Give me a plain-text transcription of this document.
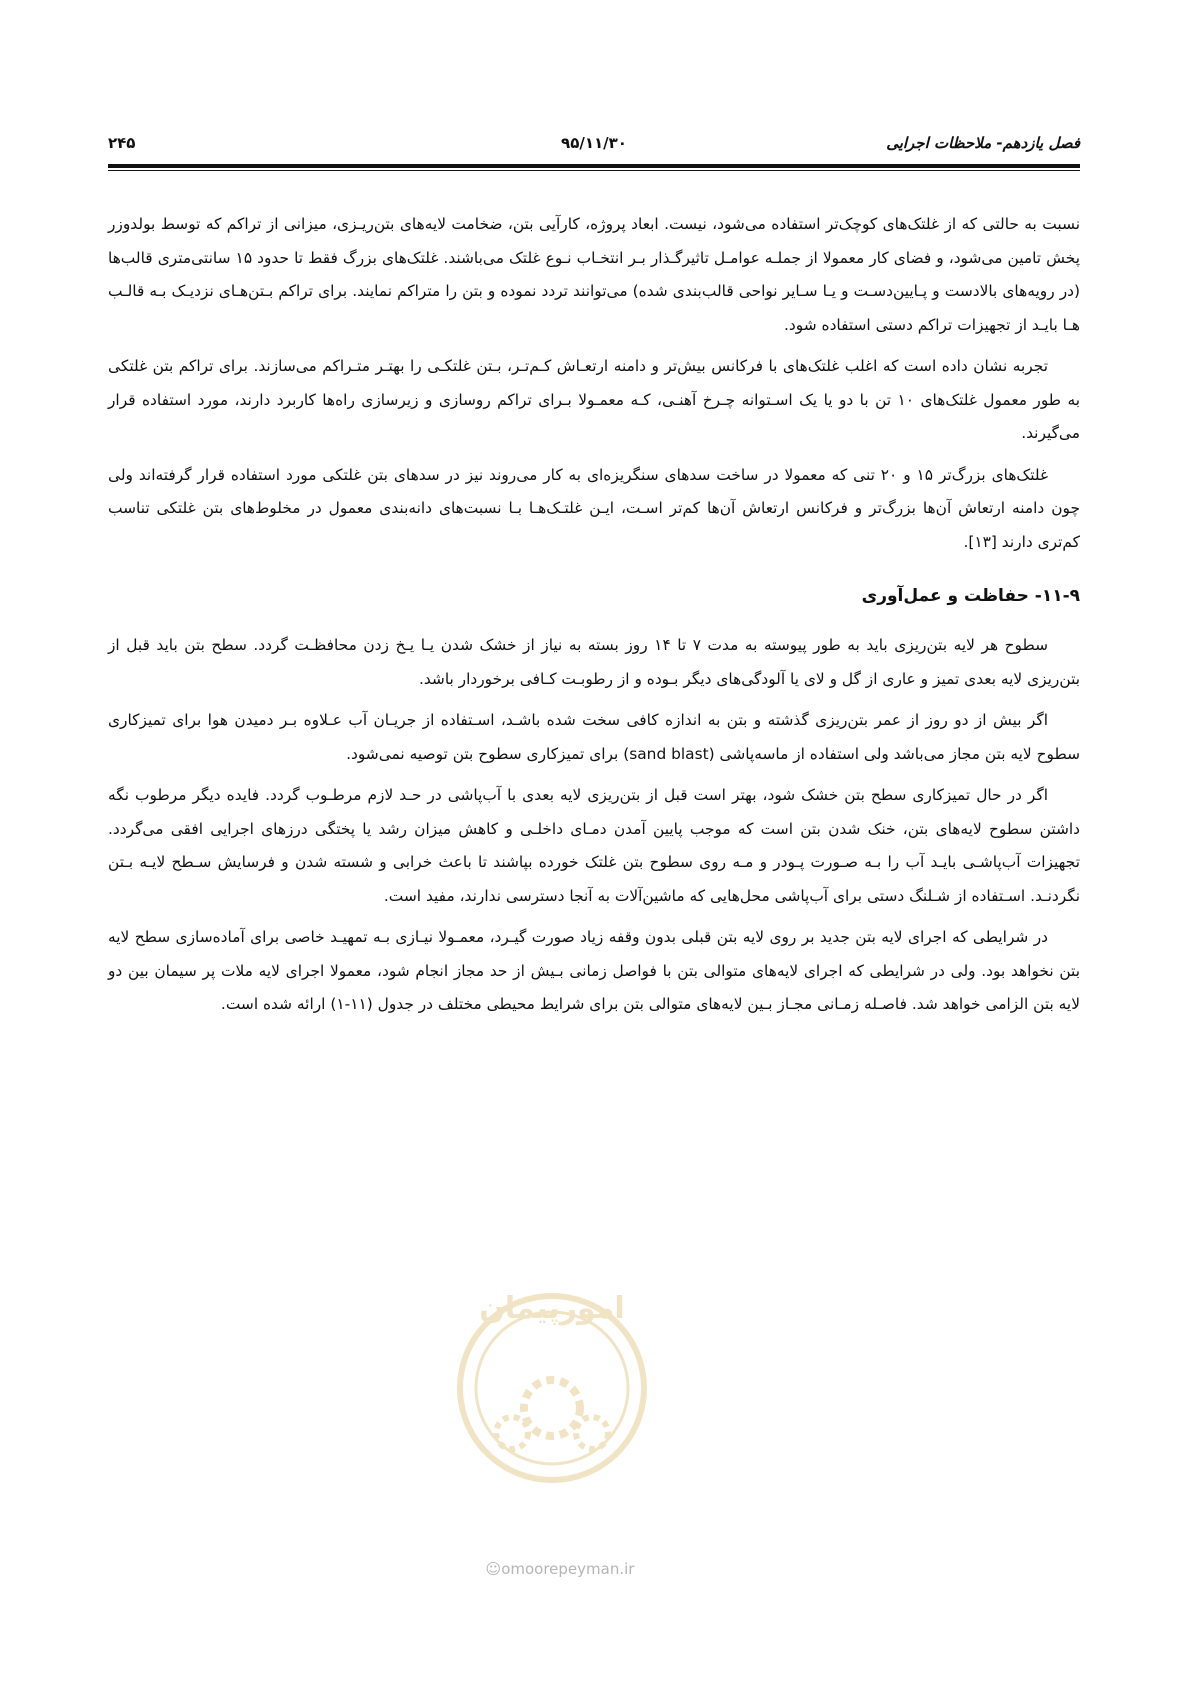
فصل یازدهم- ملاحظات اجرایی
۹۵/۱۱/۳۰
۲۴۵

نسبت به حالتی که از غلتک‌های کوچک‌تر استفاده می‌شود، نیست. ابعاد پروژه، کارآیی بتن، ضخامت لایه‌های بتن‌ریـزی، میزانی از تراکم که توسط بولدوزر پخش تامین می‌شود، و فضای کار معمولا از جملـه عوامـل تاثیرگـذار بـر انتخـاب نـوع غلتک می‌باشند. غلتک‌های بزرگ فقط تا حدود ۱۵ سانتی‌متری قالب‌ها (در رویه‌های بالادست و پـایین‌دسـت و یـا سـایر نواحی قالب‌بندی شده) می‌توانند تردد نموده و بتن را متراکم نمایند. برای تراکم بـتن‌هـای نزدیـک بـه قالـب هـا بایـد از تجهیزات تراکم دستی استفاده شود.

تجربه نشان داده است که اغلب غلتک‌های با فرکانس بیش‌تر و دامنه ارتعـاش کـم‌تـر، بـتن غلتکـی را بهتـر متـراکم می‌سازند. برای تراکم بتن غلتکی به طور معمول غلتک‌های ۱۰ تن با دو یا یک اسـتوانه چـرخ آهنـی، کـه معمـولا بـرای تراکم روسازی و زیرسازی راه‌ها کاربرد دارند، مورد استفاده قرار می‌گیرند.

غلتک‌های بزرگ‌تر ۱۵ و ۲۰ تنی که معمولا در ساخت سدهای سنگریزه‌ای به کار می‌روند نیز در سدهای بتن غلتکی مورد استفاده قرار گرفته‌اند ولی چون دامنه ارتعاش آن‌ها بزرگ‌تر و فرکانس ارتعاش آن‌ها کم‌تر اسـت، ایـن غلتـک‌هـا بـا نسبت‌های دانه‌بندی معمول در مخلوط‌های بتن غلتکی تناسب کم‌تری دارند [۱۳].

۱۱-۹- حفاظت و عمل‌آوری

سطوح هر لایه بتن‌ریزی باید به طور پیوسته به مدت ۷ تا ۱۴ روز بسته به نیاز از خشک شدن یـا یـخ زدن محافظـت گردد. سطح بتن باید قبل از بتن‌ریزی لایه بعدی تمیز و عاری از گل و لای یا آلودگی‌های دیگر بـوده و از رطوبـت کـافی برخوردار باشد.

اگر بیش از دو روز از عمر بتن‌ریزی گذشته و بتن به اندازه کافی سخت شده باشـد، اسـتفاده از جریـان آب عـلاوه بـر دمیدن هوا برای تمیزکاری سطوح لایه بتن مجاز می‌باشد ولی استفاده از ماسه‌پاشی (sand blast) برای تمیزکاری سطوح بتن توصیه نمی‌شود.

اگر در حال تمیزکاری سطح بتن خشک شود، بهتر است قبل از بتن‌ریزی لایه بعدی با آب‌پاشی در حـد لازم مرطـوب گردد. فایده دیگر مرطوب نگه داشتن سطوح لایه‌های بتن، خنک شدن بتن است که موجب پایین آمدن دمـای داخلـی و کاهش میزان رشد یا پختگی درزهای اجرایی افقی می‌گردد. تجهیزات آب‌پاشـی بایـد آب را بـه صـورت پـودر و مـه روی سطوح بتن غلتک خورده بپاشند تا باعث خرابی و شسته شدن و فرسایش سـطح لایـه بـتن نگردنـد. اسـتفاده از شـلنگ دستی برای آب‌پاشی محل‌هایی که ماشین‌آلات به آنجا دسترسی ندارند، مفید است.

در شرایطی که اجرای لایه بتن جدید بر روی لایه بتن قبلی بدون وقفه زیاد صورت گیـرد، معمـولا نیـازی بـه تمهیـد خاصی برای آماده‌سازی سطح لایه بتن نخواهد بود. ولی در شرایطی که اجرای لایه‌های متوالی بتن با فواصل زمانی بـیش از حد مجاز انجام شود، معمولا اجرای لایه ملات پر سیمان بین دو لایه بتن الزامی خواهد شد. فاصـله زمـانی مجـاز بـین لایه‌های متوالی بتن برای شرایط محیطی مختلف در جدول (۱۱-۱) ارائه شده است.

امورپیمان
☺omoorepeyman.ir
